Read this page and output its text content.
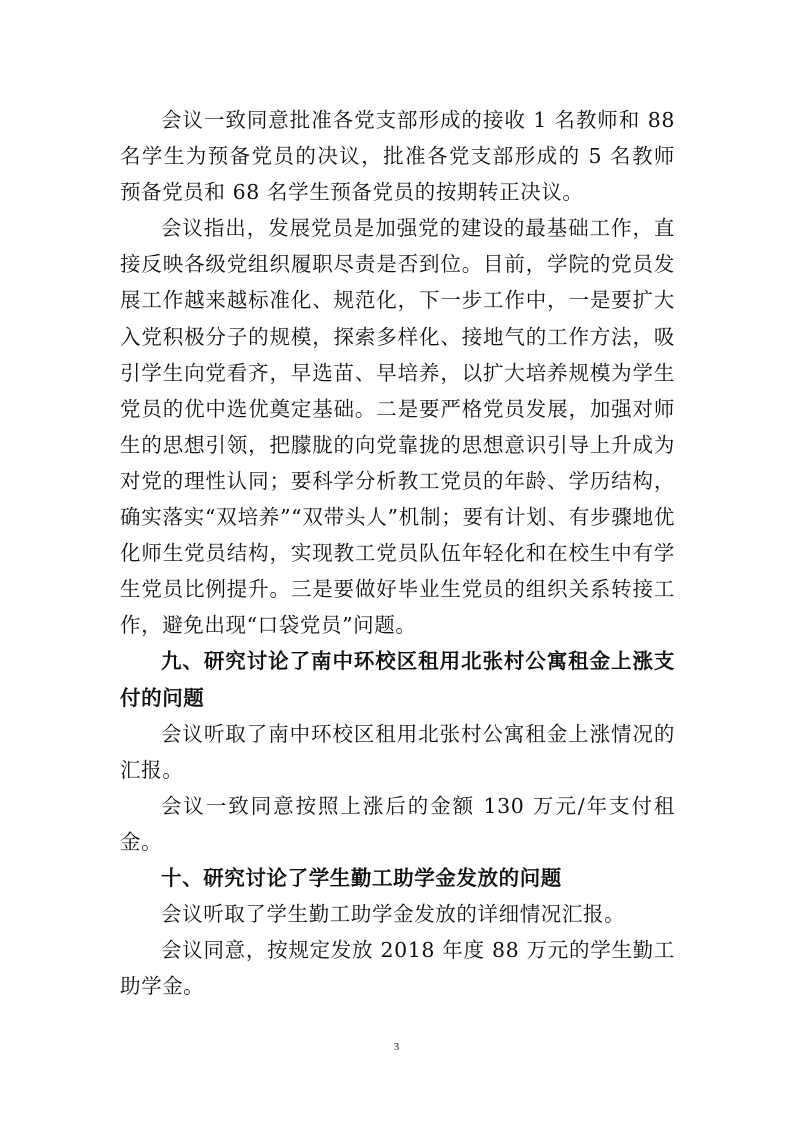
会议一致同意批准各党支部形成的接收 1 名教师和 88 名学生为预备党员的决议，批准各党支部形成的 5 名教师预备党员和 68 名学生预备党员的按期转正决议。

会议指出，发展党员是加强党的建设的最基础工作，直接反映各级党组织履职尽责是否到位。目前，学院的党员发展工作越来越标准化、规范化，下一步工作中，一是要扩大入党积极分子的规模，探索多样化、接地气的工作方法，吸引学生向党看齐，早选苗、早培养，以扩大培养规模为学生党员的优中选优奠定基础。二是要严格党员发展，加强对师生的思想引领，把朦胧的向党靠拢的思想意识引导上升成为对党的理性认同；要科学分析教工党员的年龄、学历结构，确实落实“双培养”“双带头人”机制；要有计划、有步骤地优化师生党员结构，实现教工党员队伍年轻化和在校生中有学生党员比例提升。三是要做好毕业生党员的组织关系转接工作，避免出现“口袋党员”问题。

九、研究讨论了南中环校区租用北张村公寓租金上涨支付的问题

会议听取了南中环校区租用北张村公寓租金上涨情况的汇报。

会议一致同意按照上涨后的金额 130 万元/年支付租金。

十、研究讨论了学生勤工助学金发放的问题

会议听取了学生勤工助学金发放的详细情况汇报。

会议同意，按规定发放 2018 年度 88 万元的学生勤工助学金。

3
